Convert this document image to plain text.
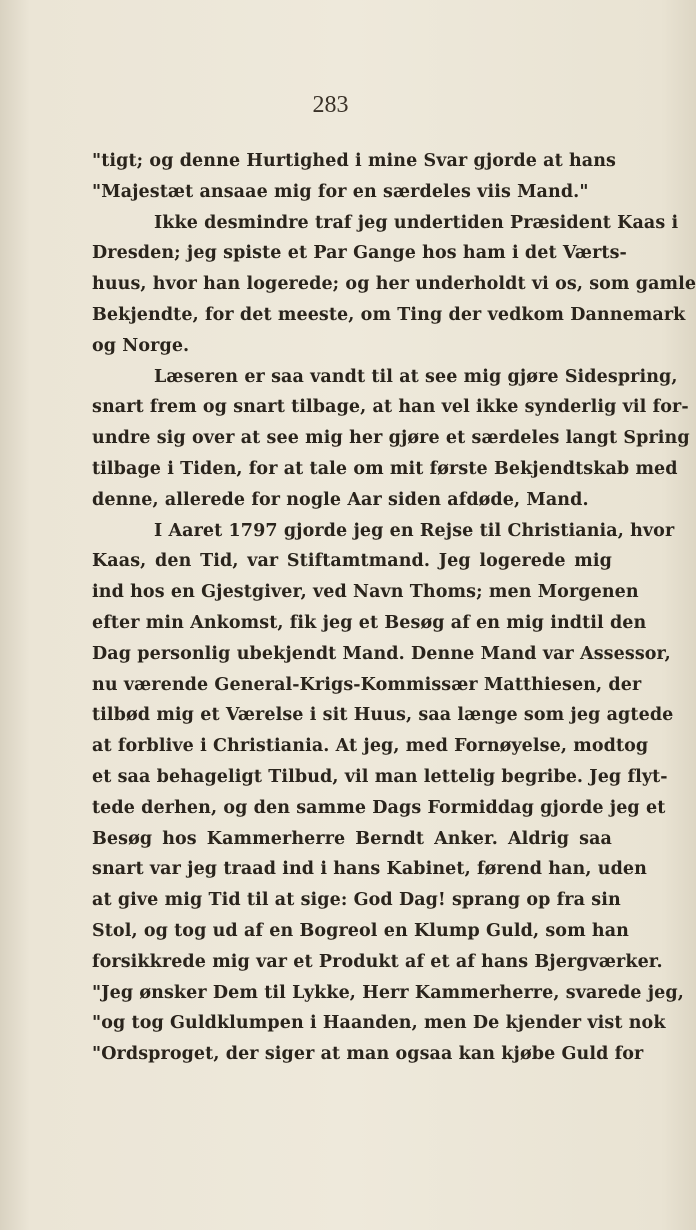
283
"tigt; og denne Hurtighed i mine Svar gjorde at hans
"Majestæt ansaae mig for en særdeles viis Mand."
Ikke desmindre traf jeg undertiden Præsident Kaas i
Dresden; jeg spiste et Par Gange hos ham i det Værts-
huus, hvor han logerede; og her underholdt vi os, som gamle
Bekjendte, for det meeste, om Ting der vedkom Dannemark
og Norge.
Læseren er saa vandt til at see mig gjøre Sidespring,
snart frem og snart tilbage, at han vel ikke synderlig vil for-
undre sig over at see mig her gjøre et særdeles langt Spring
tilbage i Tiden, for at tale om mit første Bekjendtskab med
denne, allerede for nogle Aar siden afdøde, Mand.
I Aaret 1797 gjorde jeg en Rejse til Christiania, hvor
Kaas, den Tid, var Stiftamtmand. Jeg logerede mig
ind hos en Gjestgiver, ved Navn Thoms; men Morgenen
efter min Ankomst, fik jeg et Besøg af en mig indtil den
Dag personlig ubekjendt Mand. Denne Mand var Assessor,
nu værende General-Krigs-Kommissær Matthiesen, der
tilbød mig et Værelse i sit Huus, saa længe som jeg agtede
at forblive i Christiania. At jeg, med Fornøyelse, modtog
et saa behageligt Tilbud, vil man lettelig begribe. Jeg flyt-
tede derhen, og den samme Dags Formiddag gjorde jeg et
Besøg hos Kammerherre Berndt Anker. Aldrig saa
snart var jeg traad ind i hans Kabinet, førend han, uden
at give mig Tid til at sige: God Dag! sprang op fra sin
Stol, og tog ud af en Bogreol en Klump Guld, som han
forsikkrede mig var et Produkt af et af hans Bjergværker.
"Jeg ønsker Dem til Lykke, Herr Kammerherre, svarede jeg,
"og tog Guldklumpen i Haanden, men De kjender vist nok
"Ordsproget, der siger at man ogsaa kan kjøbe Guld for
